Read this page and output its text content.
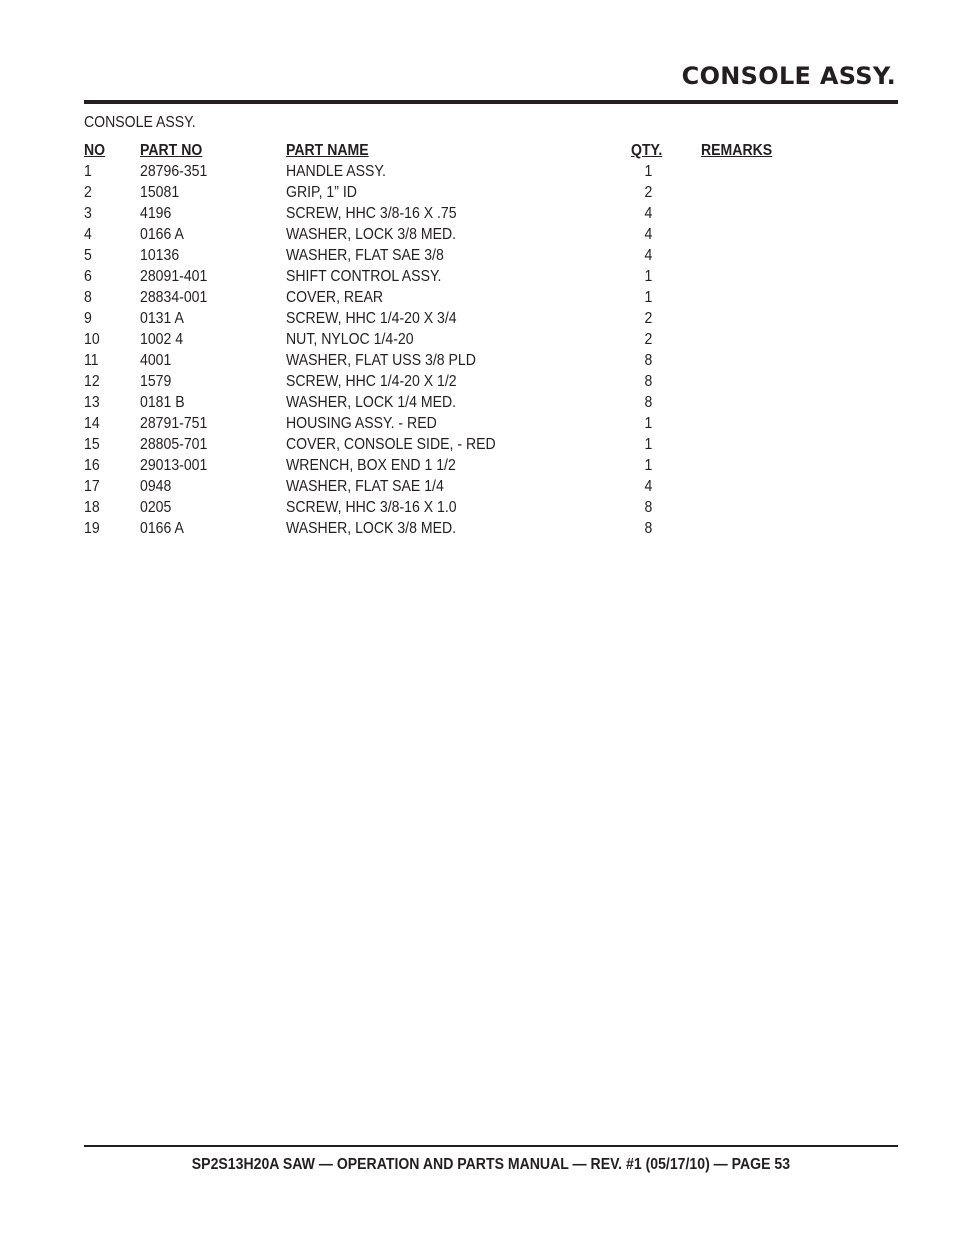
CONSOLE ASSY.
CONSOLE ASSY.
NO PART NO	PART NAME	QTY. REMARKS
1	28796-351	HANDLE ASSY.	1
2	15081	GRIP, 1” ID	2
3	4196	SCREW, HHC 3/8-16 X .75	4
4	0166 A	WASHER, LOCK 3/8 MED.	4
5	10136	WASHER, FLAT SAE 3/8	4
6	28091-401	SHIFT CONTROL ASSY.	1
8	28834-001	COVER, REAR	1
9	0131 A	SCREW, HHC 1/4-20 X 3/4	2
10	1002 4	NUT, NYLOC 1/4-20	2
11	4001	WASHER, FLAT USS 3/8 PLD	8
12	1579	SCREW, HHC 1/4-20 X 1/2	8
13	0181 B	WASHER, LOCK 1/4 MED.	8
14	28791-751	HOUSING ASSY. - RED	1
15	28805-701	COVER, CONSOLE SIDE, - RED	1
16	29013-001	WRENCH, BOX END 1 1/2	1
17	0948	WASHER, FLAT SAE 1/4	4
18	0205	SCREW, HHC 3/8-16 X 1.0	8
19	0166 A	WASHER, LOCK 3/8 MED.	8
SP2S13H20A SAW — OPERATION AND PARTS MANUAL — REV. #1 (05/17/10) — PAGE 53
